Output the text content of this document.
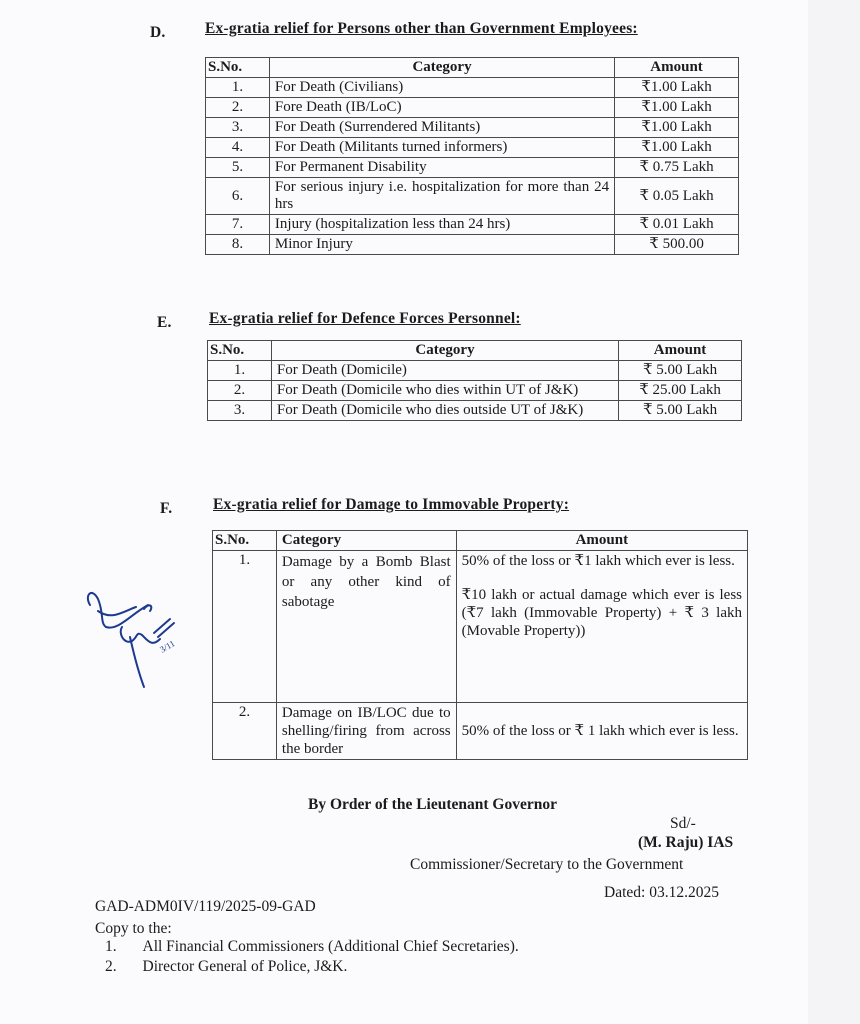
D.	Ex-gratia relief for Persons other than Government Employees:
S.No.	Category	Amount
1.	For Death (Civilians)	₹1.00 Lakh
2.	Fore Death (IB/LoC)	₹1.00 Lakh
3.	For Death (Surrendered Militants)	₹1.00 Lakh
4.	For Death (Militants turned informers)	₹1.00 Lakh
5.	For Permanent Disability	₹ 0.75 Lakh
6.	For serious injury i.e. hospitalization for more than 24 hrs	₹ 0.05 Lakh
7.	Injury (hospitalization less than 24 hrs)	₹ 0.01 Lakh
8.	Minor Injury	₹ 500.00
E. Ex-gratia relief for Defence Forces Personnel:
S.No.	Category	Amount
1.	For Death (Domicile)	₹ 5.00 Lakh
2.	For Death (Domicile who dies within UT of J&K)	₹ 25.00 Lakh
3.	For Death (Domicile who dies outside UT of J&K)	₹ 5.00 Lakh
F.	Ex-gratia relief for Damage to Immovable Property:
S.No.	Category	Amount
1.	Damage by a Bomb Blast or any other kind of sabotage	50% of the loss or ₹1 lakh which ever is less.
₹10 lakh or actual damage which ever is less (₹7 lakh (Immovable Property) + ₹ 3 lakh (Movable Property))

2.	Damage on IB/LOC due to shelling/firing from across the border	50% of the loss or ₹ 1 lakh which ever is less.
3/11
By Order of the Lieutenant Governor
Sd/-
(M. Raju) IAS
Commissioner/Secretary to the Government
Dated: 03.12.2025
GAD-ADM0IV/119/2025-09-GAD
Copy to the:
1. All Financial Commissioners (Additional Chief Secretaries).
2. Director General of Police, J&K.
